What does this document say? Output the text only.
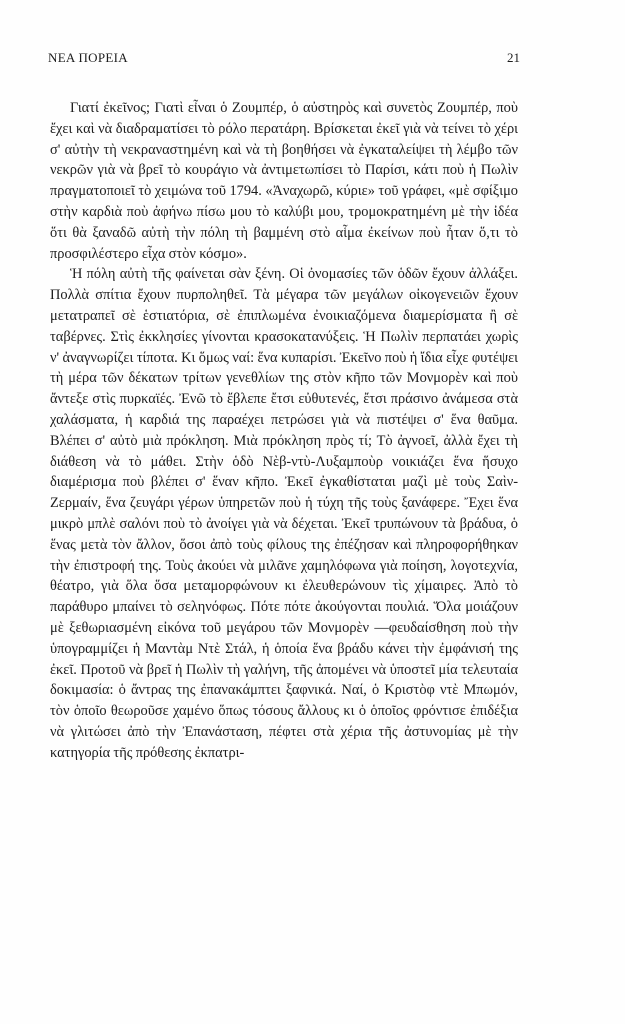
ΝΕΑ ΠΟΡΕΙΑ	21

Γιατί ἐκεῖνος; Γιατὶ εἶναι ὁ Ζουμπέρ, ὁ αὐστηρὸς καὶ συνετὸς Ζουμπέρ, ποὺ ἔχει καὶ νὰ διαδραματίσει τὸ ρόλο περατάρη. Βρίσκεται ἐκεῖ γιὰ νὰ τείνει τὸ χέρι σ' αὐτὴν τὴ νεκραναστημένη καὶ νὰ τὴ βοηθήσει νὰ ἐγκαταλείψει τὴ λέμβο τῶν νεκρῶν γιὰ νὰ βρεῖ τὸ κουράγιο νὰ ἀντιμετωπίσει τὸ Παρίσι, κάτι ποὺ ἡ Πωλὶν πραγματοποιεῖ τὸ χειμώνα τοῦ 1794. «Ἀναχωρῶ, κύριε» τοῦ γράφει, «μὲ σφίξιμο στὴν καρδιὰ ποὺ ἀφήνω πίσω μου τὸ καλύβι μου, τρομοκρατημένη μὲ τὴν ἰδέα ὅτι θὰ ξαναδῶ αὐτὴ τὴν πόλη τὴ βαμμένη στὸ αἷμα ἐκείνων ποὺ ἦταν ὅ,τι τὸ προσφιλέστερο εἶχα στὸν κόσμο».

Ἡ πόλη αὐτὴ τῆς φαίνεται σὰν ξένη. Οἱ ὀνομασίες τῶν ὁδῶν ἔχουν ἀλλάξει. Πολλὰ σπίτια ἔχουν πυρποληθεῖ. Τὰ μέγαρα τῶν μεγάλων οἰκογενειῶν ἔχουν μετατραπεῖ σὲ ἑστιατόρια, σὲ ἐπιπλωμένα ἐνοικιαζόμενα διαμερίσματα ἢ σὲ ταβέρνες. Στὶς ἐκκλησίες γίνονται κρασοκατανύξεις. Ἡ Πωλὶν περπατάει χωρὶς ν' ἀναγνωρίζει τίποτα. Κι ὅμως ναί: ἕνα κυπαρίσι. Ἐκεῖνο ποὺ ἡ ἴδια εἶχε φυτέψει τὴ μέρα τῶν δέκατων τρίτων γενεθλίων της στὸν κῆπο τῶν Μονμορὲν καὶ ποὺ ἄντεξε στὶς πυρκαϊές. Ἐνῶ τὸ ἔβλεπε ἔτσι εὐθυτενές, ἔτσι πράσινο ἀνάμεσα στὰ χαλάσματα, ἡ καρδιά της παραέχει πετρώσει γιὰ νὰ πιστέψει σ' ἕνα θαῦμα. Βλέπει σ' αὐτὸ μιὰ πρόκληση. Μιὰ πρόκληση πρὸς τί; Τὸ ἀγνοεῖ, ἀλλὰ ἔχει τὴ διάθεση νὰ τὸ μάθει. Στὴν ὁδὸ Νὲβ-ντὺ-Λυξαμποὺρ νοικιάζει ἕνα ἥσυχο διαμέρισμα ποὺ βλέπει σ' ἕναν κῆπο. Ἐκεῖ ἐγκαθίσταται μαζὶ μὲ τοὺς Σαὶν-Ζερμαίν, ἕνα ζευγάρι γέρων ὑπηρετῶν ποὺ ἡ τύχη τῆς τοὺς ξανάφερε. Ἔχει ἕνα μικρὸ μπλὲ σαλόνι ποὺ τὸ ἀνοίγει γιὰ νὰ δέχεται. Ἐκεῖ τρυπώνουν τὰ βράδυα, ὁ ἕνας μετὰ τὸν ἄλλον, ὅσοι ἀπὸ τοὺς φίλους της ἐπέζησαν καὶ πληροφορήθηκαν τὴν ἐπιστροφή της. Τοὺς ἀκούει νὰ μιλᾶνε χαμηλόφωνα γιὰ ποίηση, λογοτεχνία, θέατρο, γιὰ ὅλα ὅσα μεταμορφώνουν κι ἐλευθερώνουν τὶς χίμαιρες. Ἀπὸ τὸ παράθυρο μπαίνει τὸ σεληνόφως. Πότε πότε ἀκούγονται πουλιά. Ὅλα μοιάζουν μὲ ξεθωριασμένη εἰκόνα τοῦ μεγάρου τῶν Μονμορὲν —φευδαίσθηση ποὺ τὴν ὑπογραμμίζει ἡ Μαντὰμ Ντὲ Στάλ, ἡ ὁποία ἕνα βράδυ κάνει τὴν ἐμφάνισή της ἐκεῖ. Προτοῦ νὰ βρεῖ ἡ Πωλὶν τὴ γαλήνη, τῆς ἀπομένει νὰ ὑποστεῖ μία τελευταία δοκιμασία: ὁ ἄντρας της ἐπανακάμπτει ξαφνικά. Ναί, ὁ Κριστὸφ ντὲ Μπωμόν, τὸν ὁποῖο θεωροῦσε χαμένο ὅπως τόσους ἄλλους κι ὁ ὁποῖος φρόντισε ἐπιδέξια νὰ γλιτώσει ἀπὸ τὴν Ἐπανάσταση, πέφτει στὰ χέρια τῆς ἀστυνομίας μὲ τὴν κατηγορία τῆς πρόθεσης ἐκπατρι-
